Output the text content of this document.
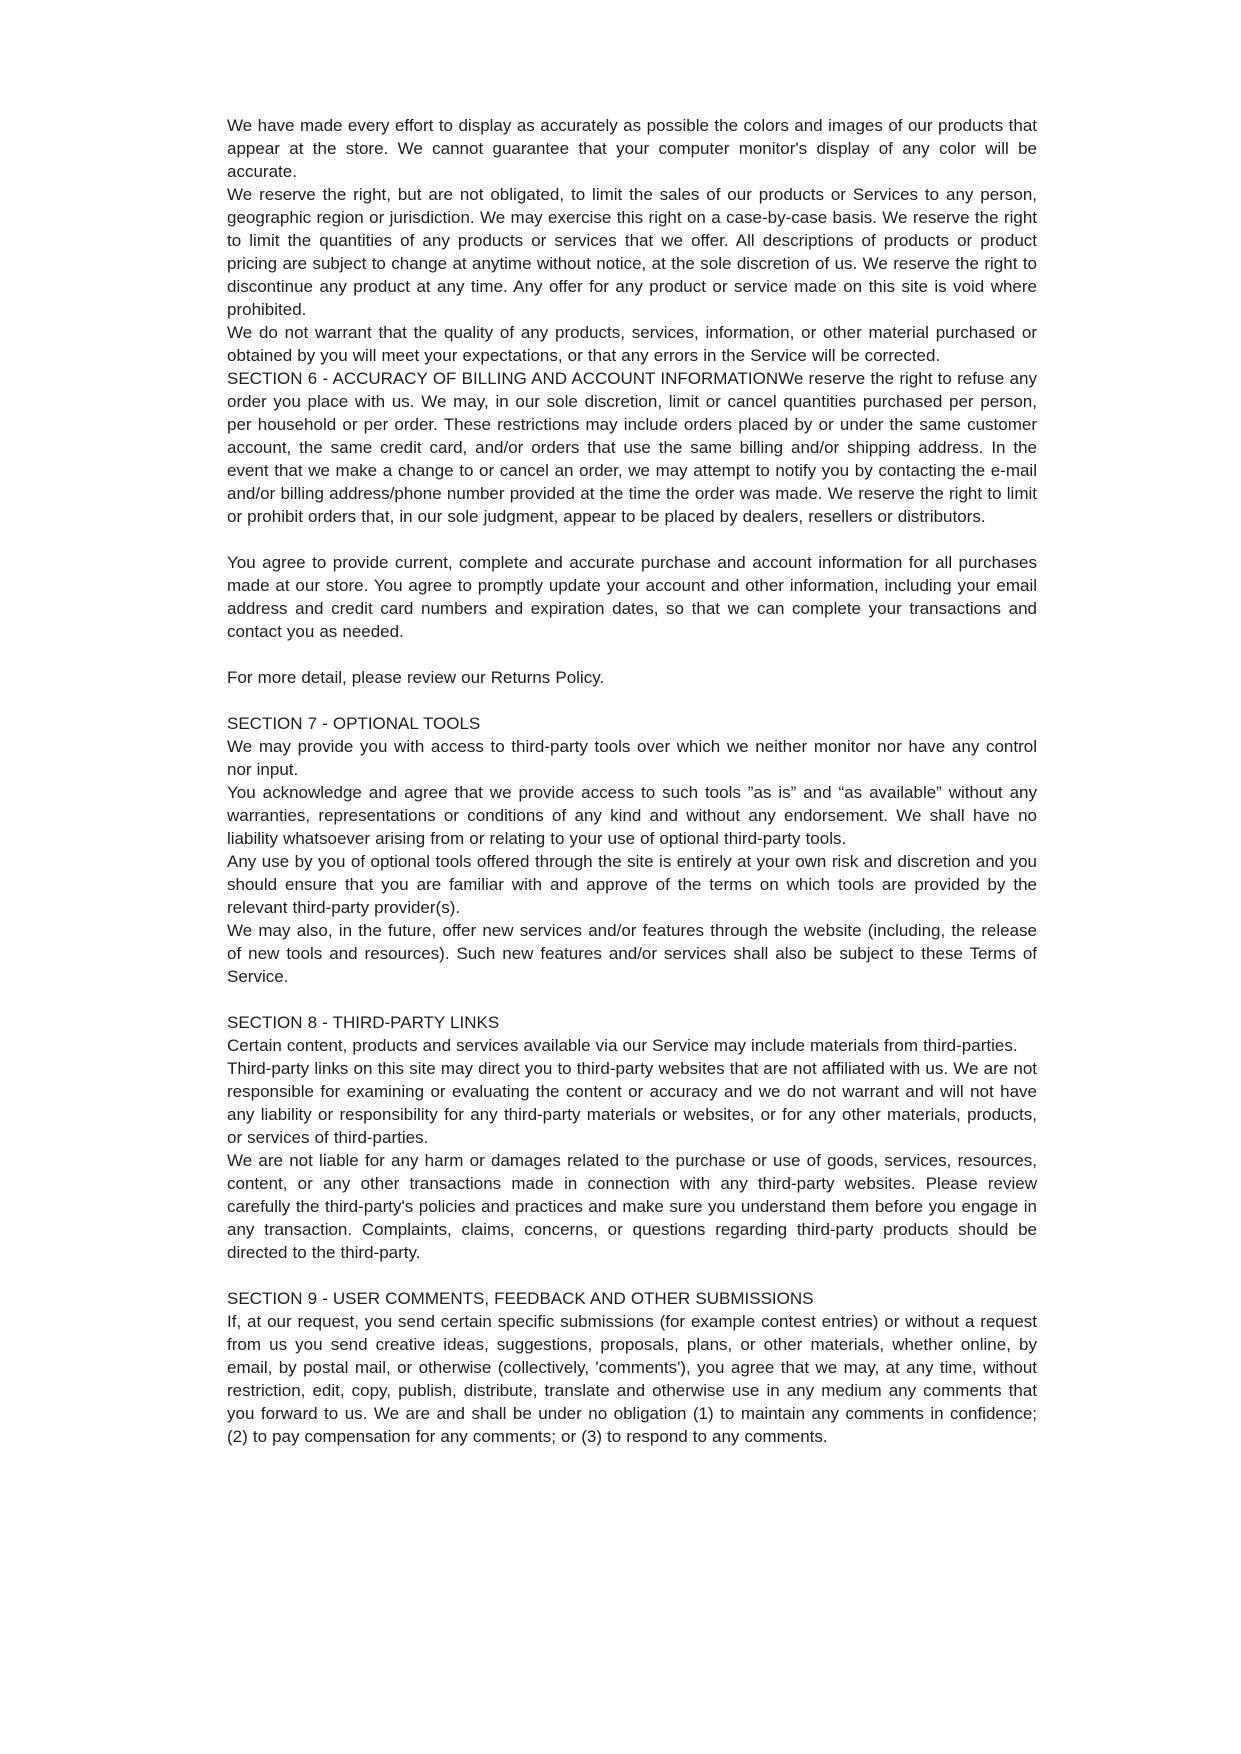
We have made every effort to display as accurately as possible the colors and images of our products that appear at the store. We cannot guarantee that your computer monitor's display of any color will be accurate.

We reserve the right, but are not obligated, to limit the sales of our products or Services to any person, geographic region or jurisdiction. We may exercise this right on a case-by-case basis. We reserve the right to limit the quantities of any products or services that we offer. All descriptions of products or product pricing are subject to change at anytime without notice, at the sole discretion of us. We reserve the right to discontinue any product at any time. Any offer for any product or service made on this site is void where prohibited.

We do not warrant that the quality of any products, services, information, or other material purchased or obtained by you will meet your expectations, or that any errors in the Service will be corrected.

SECTION 6 - ACCURACY OF BILLING AND ACCOUNT INFORMATIONWe reserve the right to refuse any order you place with us. We may, in our sole discretion, limit or cancel quantities purchased per person, per household or per order. These restrictions may include orders placed by or under the same customer account, the same credit card, and/or orders that use the same billing and/or shipping address. In the event that we make a change to or cancel an order, we may attempt to notify you by contacting the e-mail and/or billing address/phone number provided at the time the order was made. We reserve the right to limit or prohibit orders that, in our sole judgment, appear to be placed by dealers, resellers or distributors.

You agree to provide current, complete and accurate purchase and account information for all purchases made at our store. You agree to promptly update your account and other information, including your email address and credit card numbers and expiration dates, so that we can complete your transactions and contact you as needed.

For more detail, please review our Returns Policy.

SECTION 7 - OPTIONAL TOOLS

We may provide you with access to third-party tools over which we neither monitor nor have any control nor input.

You acknowledge and agree that we provide access to such tools ”as is” and “as available” without any warranties, representations or conditions of any kind and without any endorsement. We shall have no liability whatsoever arising from or relating to your use of optional third-party tools.

Any use by you of optional tools offered through the site is entirely at your own risk and discretion and you should ensure that you are familiar with and approve of the terms on which tools are provided by the relevant third-party provider(s).

We may also, in the future, offer new services and/or features through the website (including, the release of new tools and resources). Such new features and/or services shall also be subject to these Terms of Service.

SECTION 8 - THIRD-PARTY LINKS

Certain content, products and services available via our Service may include materials from third-parties.

Third-party links on this site may direct you to third-party websites that are not affiliated with us. We are not responsible for examining or evaluating the content or accuracy and we do not warrant and will not have any liability or responsibility for any third-party materials or websites, or for any other materials, products, or services of third-parties.

We are not liable for any harm or damages related to the purchase or use of goods, services, resources, content, or any other transactions made in connection with any third-party websites. Please review carefully the third-party's policies and practices and make sure you understand them before you engage in any transaction. Complaints, claims, concerns, or questions regarding third-party products should be directed to the third-party.

SECTION 9 - USER COMMENTS, FEEDBACK AND OTHER SUBMISSIONS

If, at our request, you send certain specific submissions (for example contest entries) or without a request from us you send creative ideas, suggestions, proposals, plans, or other materials, whether online, by email, by postal mail, or otherwise (collectively, 'comments'), you agree that we may, at any time, without restriction, edit, copy, publish, distribute, translate and otherwise use in any medium any comments that you forward to us. We are and shall be under no obligation (1) to maintain any comments in confidence; (2) to pay compensation for any comments; or (3) to respond to any comments.
